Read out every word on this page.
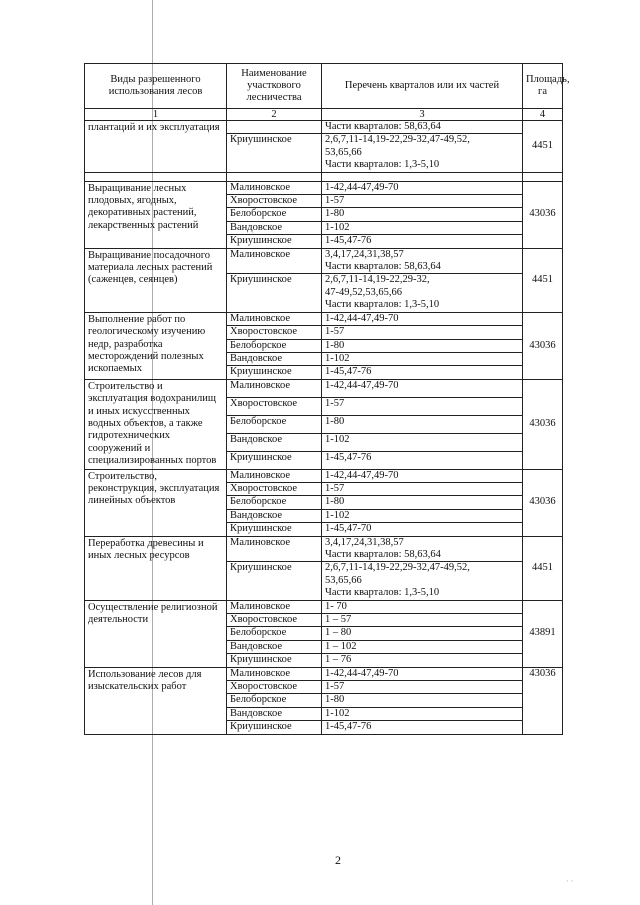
Виды разрешенного использования лесов	Наименование участкового лесничества	Перечень кварталов или их частей	Площадь, га
1	2	3	4
плантаций и их эксплуатация		Части кварталов: 58,63,64	4451
	Криушинское	2,6,7,11-14,19-22,29-32,47-49,52,
53,65,66
Части кварталов: 1,3-5,10	

Выращивание лесных плодовых, ягодных, декоративных растений, лекарственных растений	Малиновское	1-42,44-47,49-70	43036
	Хворостовское	1-57	

	Белоборское	1-80	

	Вандовское	1-102	

	Криушинское	1-45,47-76	

Выращивание посадочного материала лесных растений (саженцев, сеянцев)	Малиновское	3,4,17,24,31,38,57
Части кварталов: 58,63,64	4451
	Криушинское	2,6,7,11-14,19-22,29-32,
47-49,52,53,65,66
Части кварталов: 1,3-5,10	

Выполнение работ по геологическому изучению недр, разработка месторождений полезных ископаемых	Малиновское	1-42,44-47,49-70	43036
	Хворостовское	1-57	

	Белоборское	1-80	

	Вандовское	1-102	

	Криушинское	1-45,47-76	

Строительство и эксплуатация водохранилищ и иных искусственных водных объектов, а также гидротехнических сооружений и специализированных портов	Малиновское	1-42,44-47,49-70	43036
	Хворостовское	1-57	

	Белоборское	1-80	

	Вандовское	1-102	

	Криушинское	1-45,47-76	

Строительство, реконструкция, эксплуатация линейных объектов	Малиновское	1-42,44-47,49-70	43036
	Хворостовское	1-57	

	Белоборское	1-80	

	Вандовское	1-102	

	Криушинское	1-45,47-70	

Переработка древесины и иных лесных ресурсов	Малиновское	3,4,17,24,31,38,57
Части кварталов: 58,63,64	4451
	Криушинское	2,6,7,11-14,19-22,29-32,47-49,52,
53,65,66
Части кварталов: 1,3-5,10	

Осуществление религиозной деятельности	Малиновское	1- 70	43891
	Хворостовское	1 – 57	

	Белоборское	1 – 80	

	Вандовское	1 – 102	

	Криушинское	1 – 76	

Использование лесов для изыскательских работ	Малиновское	1-42,44-47,49-70	43036
	Хворостовское	1-57	

	Белоборское	1-80	

	Вандовское	1-102	

	Криушинское	1-45,47-76	
2
· ·
